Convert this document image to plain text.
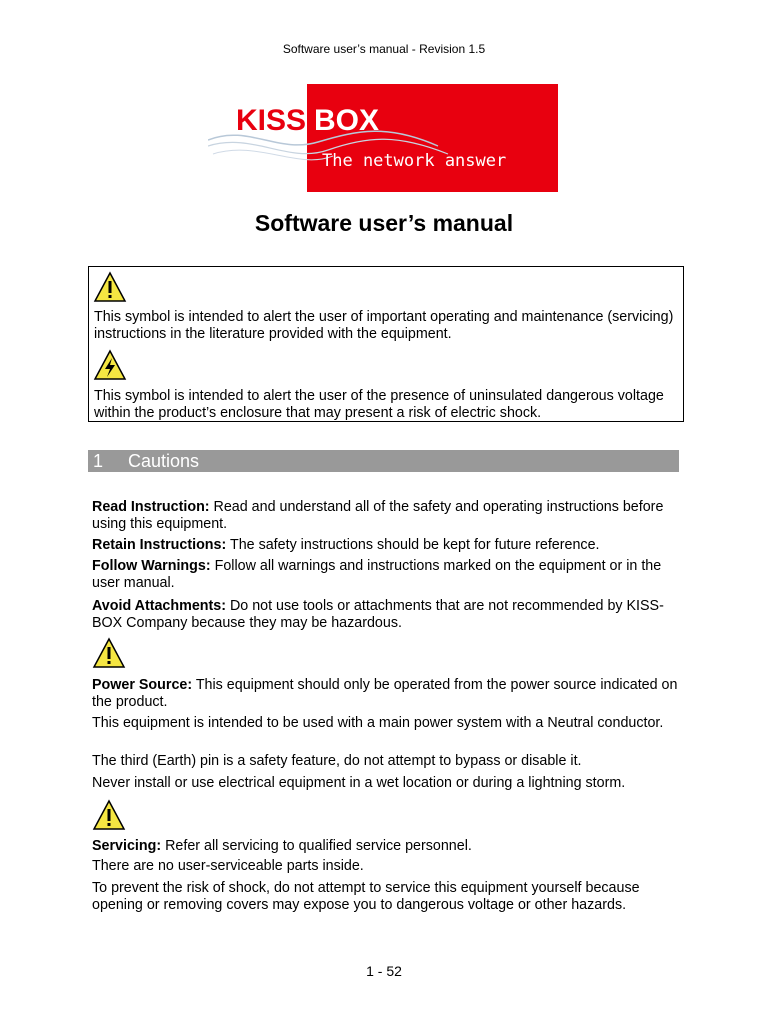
Software user’s manual - Revision 1.5
KISS BOX
The network answer
Software user’s manual
This symbol is intended to alert the user of important operating and maintenance (servicing) instructions in the literature provided with the equipment.
This symbol is intended to alert the user of the presence of uninsulated dangerous voltage within the product’s enclosure that may present a risk of electric shock.
1 Cautions
Read Instruction: Read and understand all of the safety and operating instructions before using this equipment.
Retain Instructions: The safety instructions should be kept for future reference.
Follow Warnings: Follow all warnings and instructions marked on the equipment or in the user manual.
Avoid Attachments: Do not use tools or attachments that are not recommended by KISS-BOX Company because they may be hazardous.
Power Source: This equipment should only be operated from the power source indicated on the product.
This equipment is intended to be used with a main power system with a Neutral conductor.
The third (Earth) pin is a safety feature, do not attempt to bypass or disable it.
Never install or use electrical equipment in a wet location or during a lightning storm.
Servicing: Refer all servicing to qualified service personnel.
There are no user-serviceable parts inside.
To prevent the risk of shock, do not attempt to service this equipment yourself because opening or removing covers may expose you to dangerous voltage or other hazards.
1 - 52
